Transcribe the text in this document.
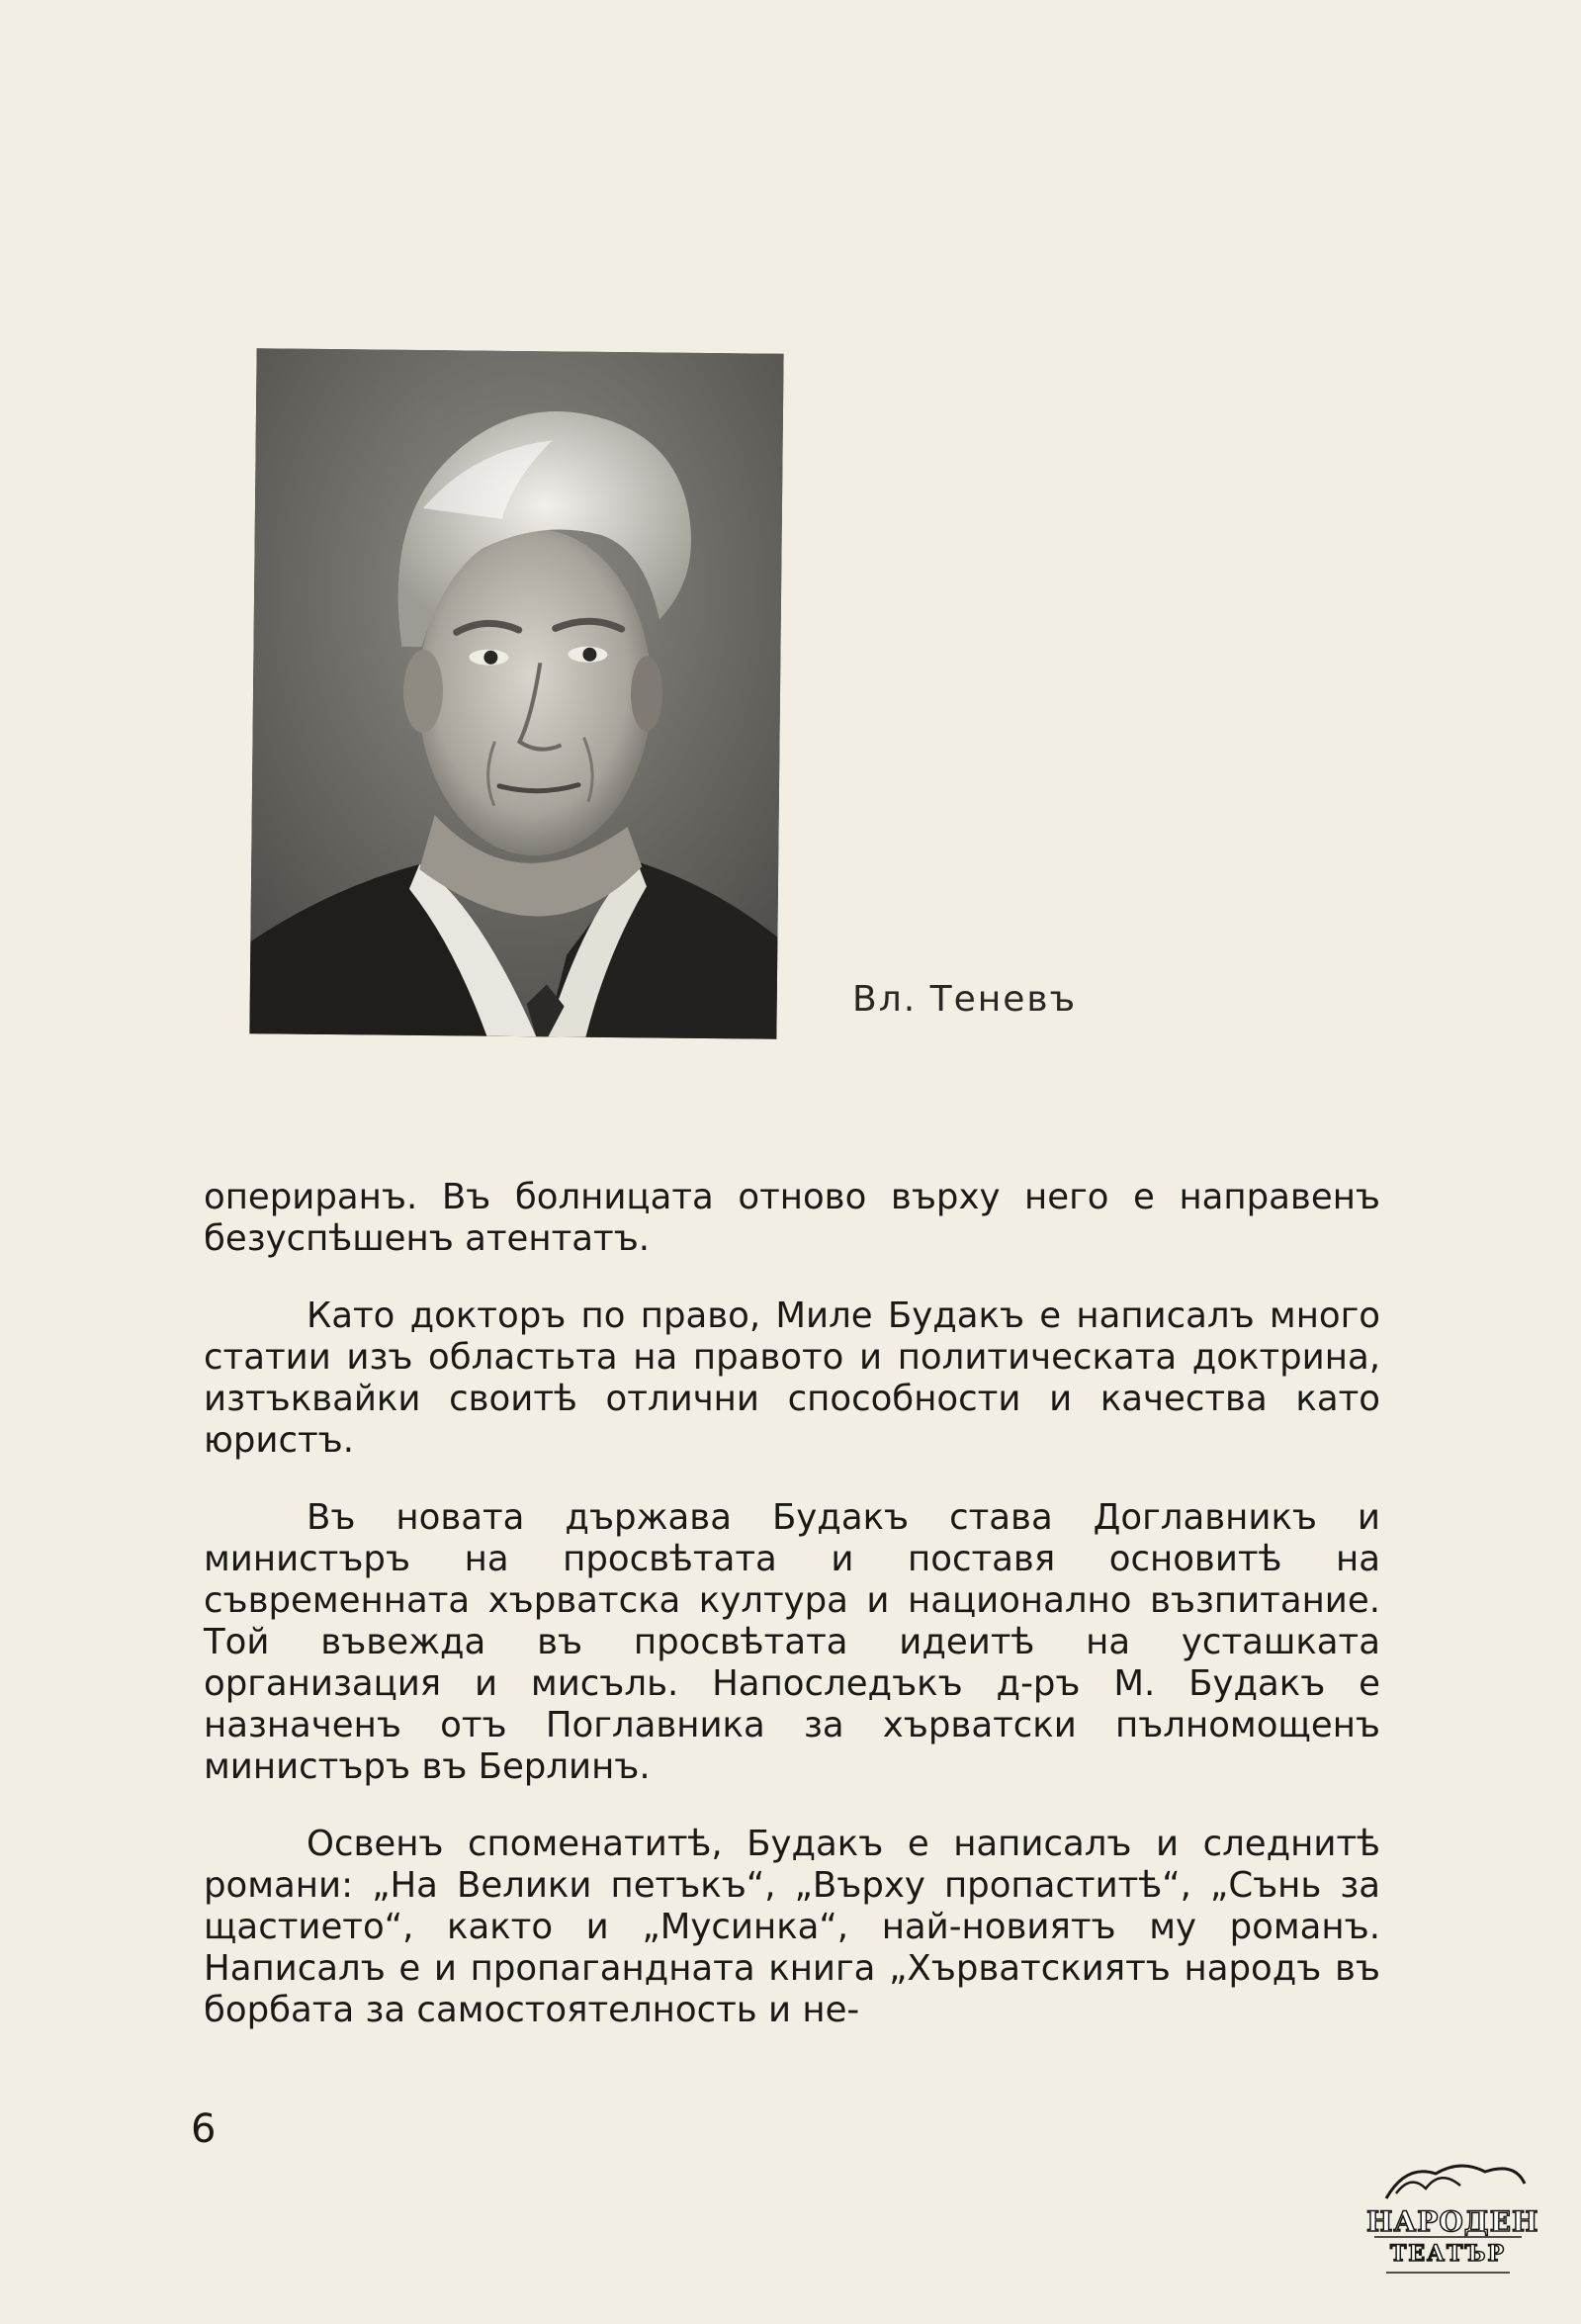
Вл. Теневъ

опериранъ. Въ болницата отново върху него е направенъ безуспѣшенъ атентатъ.

Като докторъ по право, Миле Будакъ е написалъ много статии изъ областьта на правото и политическата доктрина, изтъквайки своитѣ отлични способности и качества като юристъ.

Въ новата държава Будакъ става Доглавникъ и министъръ на просвѣтата и поставя основитѣ на съвременната хърватска култура и национално възпитание. Той въвежда въ просвѣтата идеитѣ на усташката организация и мисъль. Напоследъкъ д-ръ М. Будакъ е назначенъ отъ Поглавника за хърватски пълномощенъ министъръ въ Берлинъ.

Освенъ споменатитѣ, Будакъ е написалъ и следнитѣ романи: „На Велики петъкъ“, „Върху пропаститѣ“, „Сънь за щастието“, както и „Мусинка“, най-новиятъ му романъ. Написалъ е и пропагандната книга „Хърватскиятъ народъ въ борбата за самостоятелность и не-

6
НАРОДЕН
ТЕАТЪР
